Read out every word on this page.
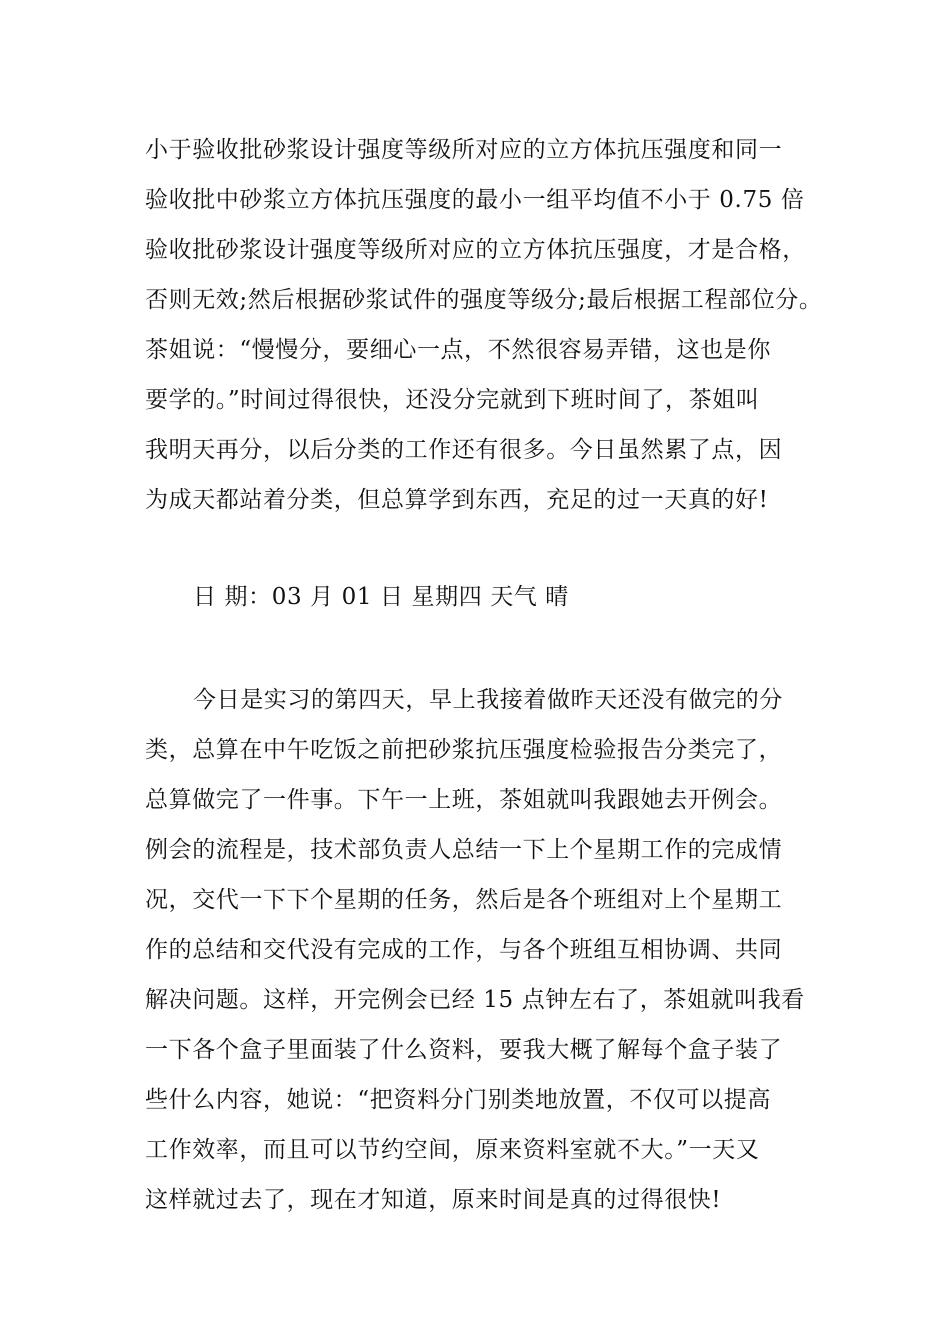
小于验收批砂浆设计强度等级所对应的立方体抗压强度和同一
验收批中砂浆立方体抗压强度的最小一组平均值不小于 0.75 倍
验收批砂浆设计强度等级所对应的立方体抗压强度，才是合格，
否则无效;然后根据砂浆试件的强度等级分;最后根据工程部位分。
茶姐说：“慢慢分，要细心一点，不然很容易弄错，这也是你
要学的。”时间过得很快，还没分完就到下班时间了，茶姐叫
我明天再分，以后分类的工作还有很多。今日虽然累了点，因
为成天都站着分类，但总算学到东西，充足的过一天真的好!
日 期：03 月 01 日 星期四 天气 晴
今日是实习的第四天，早上我接着做昨天还没有做完的分
类，总算在中午吃饭之前把砂浆抗压强度检验报告分类完了，
总算做完了一件事。下午一上班，茶姐就叫我跟她去开例会。
例会的流程是，技术部负责人总结一下上个星期工作的完成情
况，交代一下下个星期的任务，然后是各个班组对上个星期工
作的总结和交代没有完成的工作，与各个班组互相协调、共同
解决问题。这样，开完例会已经 15 点钟左右了，茶姐就叫我看
一下各个盒子里面装了什么资料，要我大概了解每个盒子装了
些什么内容，她说：“把资料分门别类地放置，不仅可以提高
工作效率，而且可以节约空间，原来资料室就不大。”一天又
这样就过去了，现在才知道，原来时间是真的过得很快!
